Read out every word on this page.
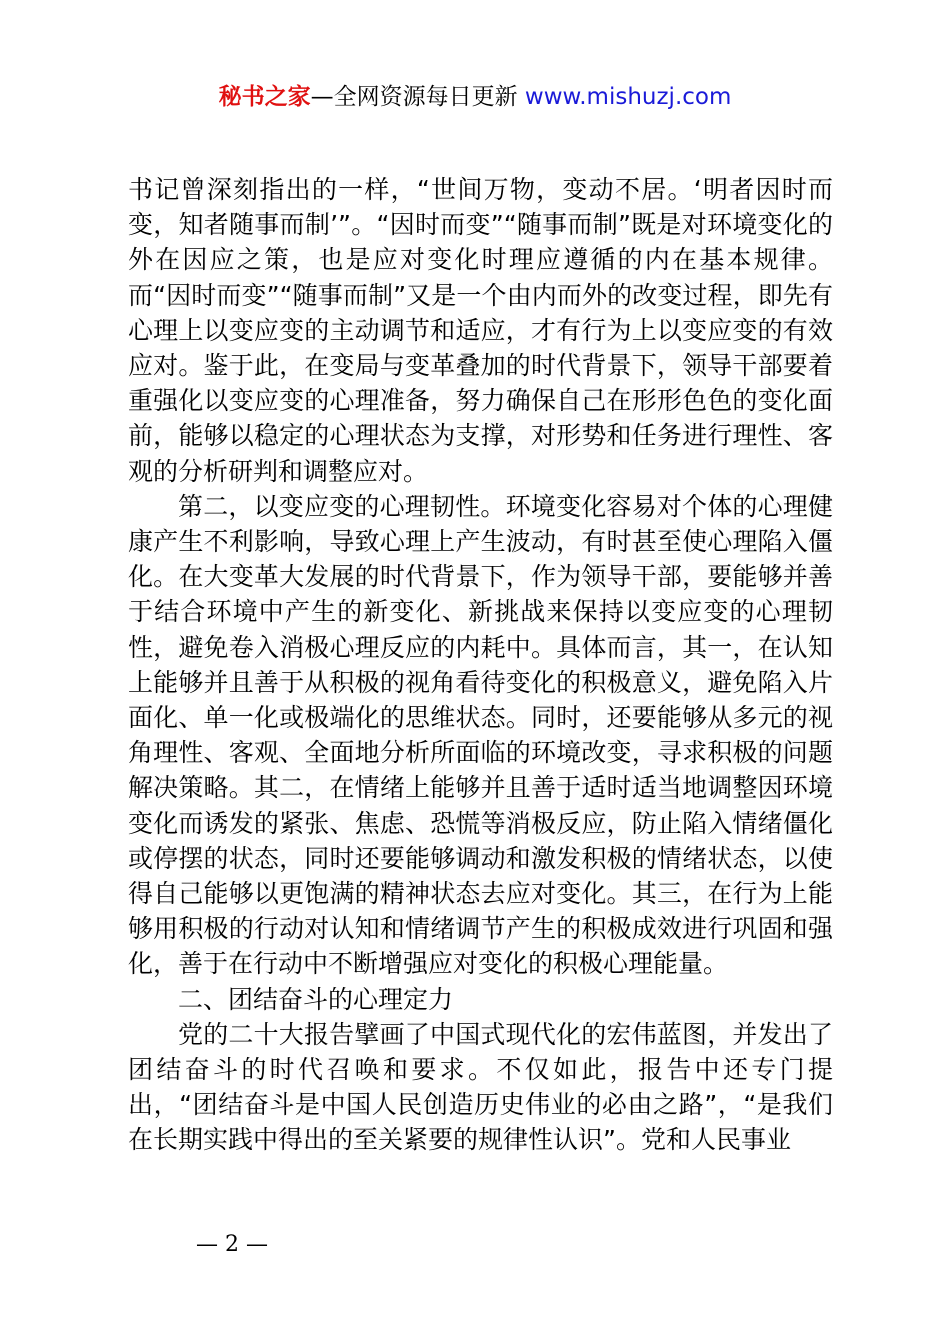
秘书之家—全网资源每日更新 www.mishuzj.com

书记曾深刻指出的一样，“世间万物，变动不居。‘明者因时而变，知者随事而制’”。“因时而变”“随事而制”既是对环境变化的外在因应之策，也是应对变化时理应遵循的内在基本规律。而“因时而变”“随事而制”又是一个由内而外的改变过程，即先有心理上以变应变的主动调节和适应，才有行为上以变应变的有效应对。鉴于此，在变局与变革叠加的时代背景下，领导干部要着重强化以变应变的心理准备，努力确保自己在形形色色的变化面前，能够以稳定的心理状态为支撑，对形势和任务进行理性、客观的分析研判和调整应对。

第二，以变应变的心理韧性。环境变化容易对个体的心理健康产生不利影响，导致心理上产生波动，有时甚至使心理陷入僵化。在大变革大发展的时代背景下，作为领导干部，要能够并善于结合环境中产生的新变化、新挑战来保持以变应变的心理韧性，避免卷入消极心理反应的内耗中。具体而言，其一，在认知上能够并且善于从积极的视角看待变化的积极意义，避免陷入片面化、单一化或极端化的思维状态。同时，还要能够从多元的视角理性、客观、全面地分析所面临的环境改变，寻求积极的问题解决策略。其二，在情绪上能够并且善于适时适当地调整因环境变化而诱发的紧张、焦虑、恐慌等消极反应，防止陷入情绪僵化或停摆的状态，同时还要能够调动和激发积极的情绪状态，以使得自己能够以更饱满的精神状态去应对变化。其三，在行为上能够用积极的行动对认知和情绪调节产生的积极成效进行巩固和强化，善于在行动中不断增强应对变化的积极心理能量。

二、团结奋斗的心理定力

党的二十大报告擘画了中国式现代化的宏伟蓝图，并发出了团结奋斗的时代召唤和要求。不仅如此，报告中还专门提出，“团结奋斗是中国人民创造历史伟业的必由之路”，“是我们在长期实践中得出的至关紧要的规律性认识”。党和人民事业

— 2 —
